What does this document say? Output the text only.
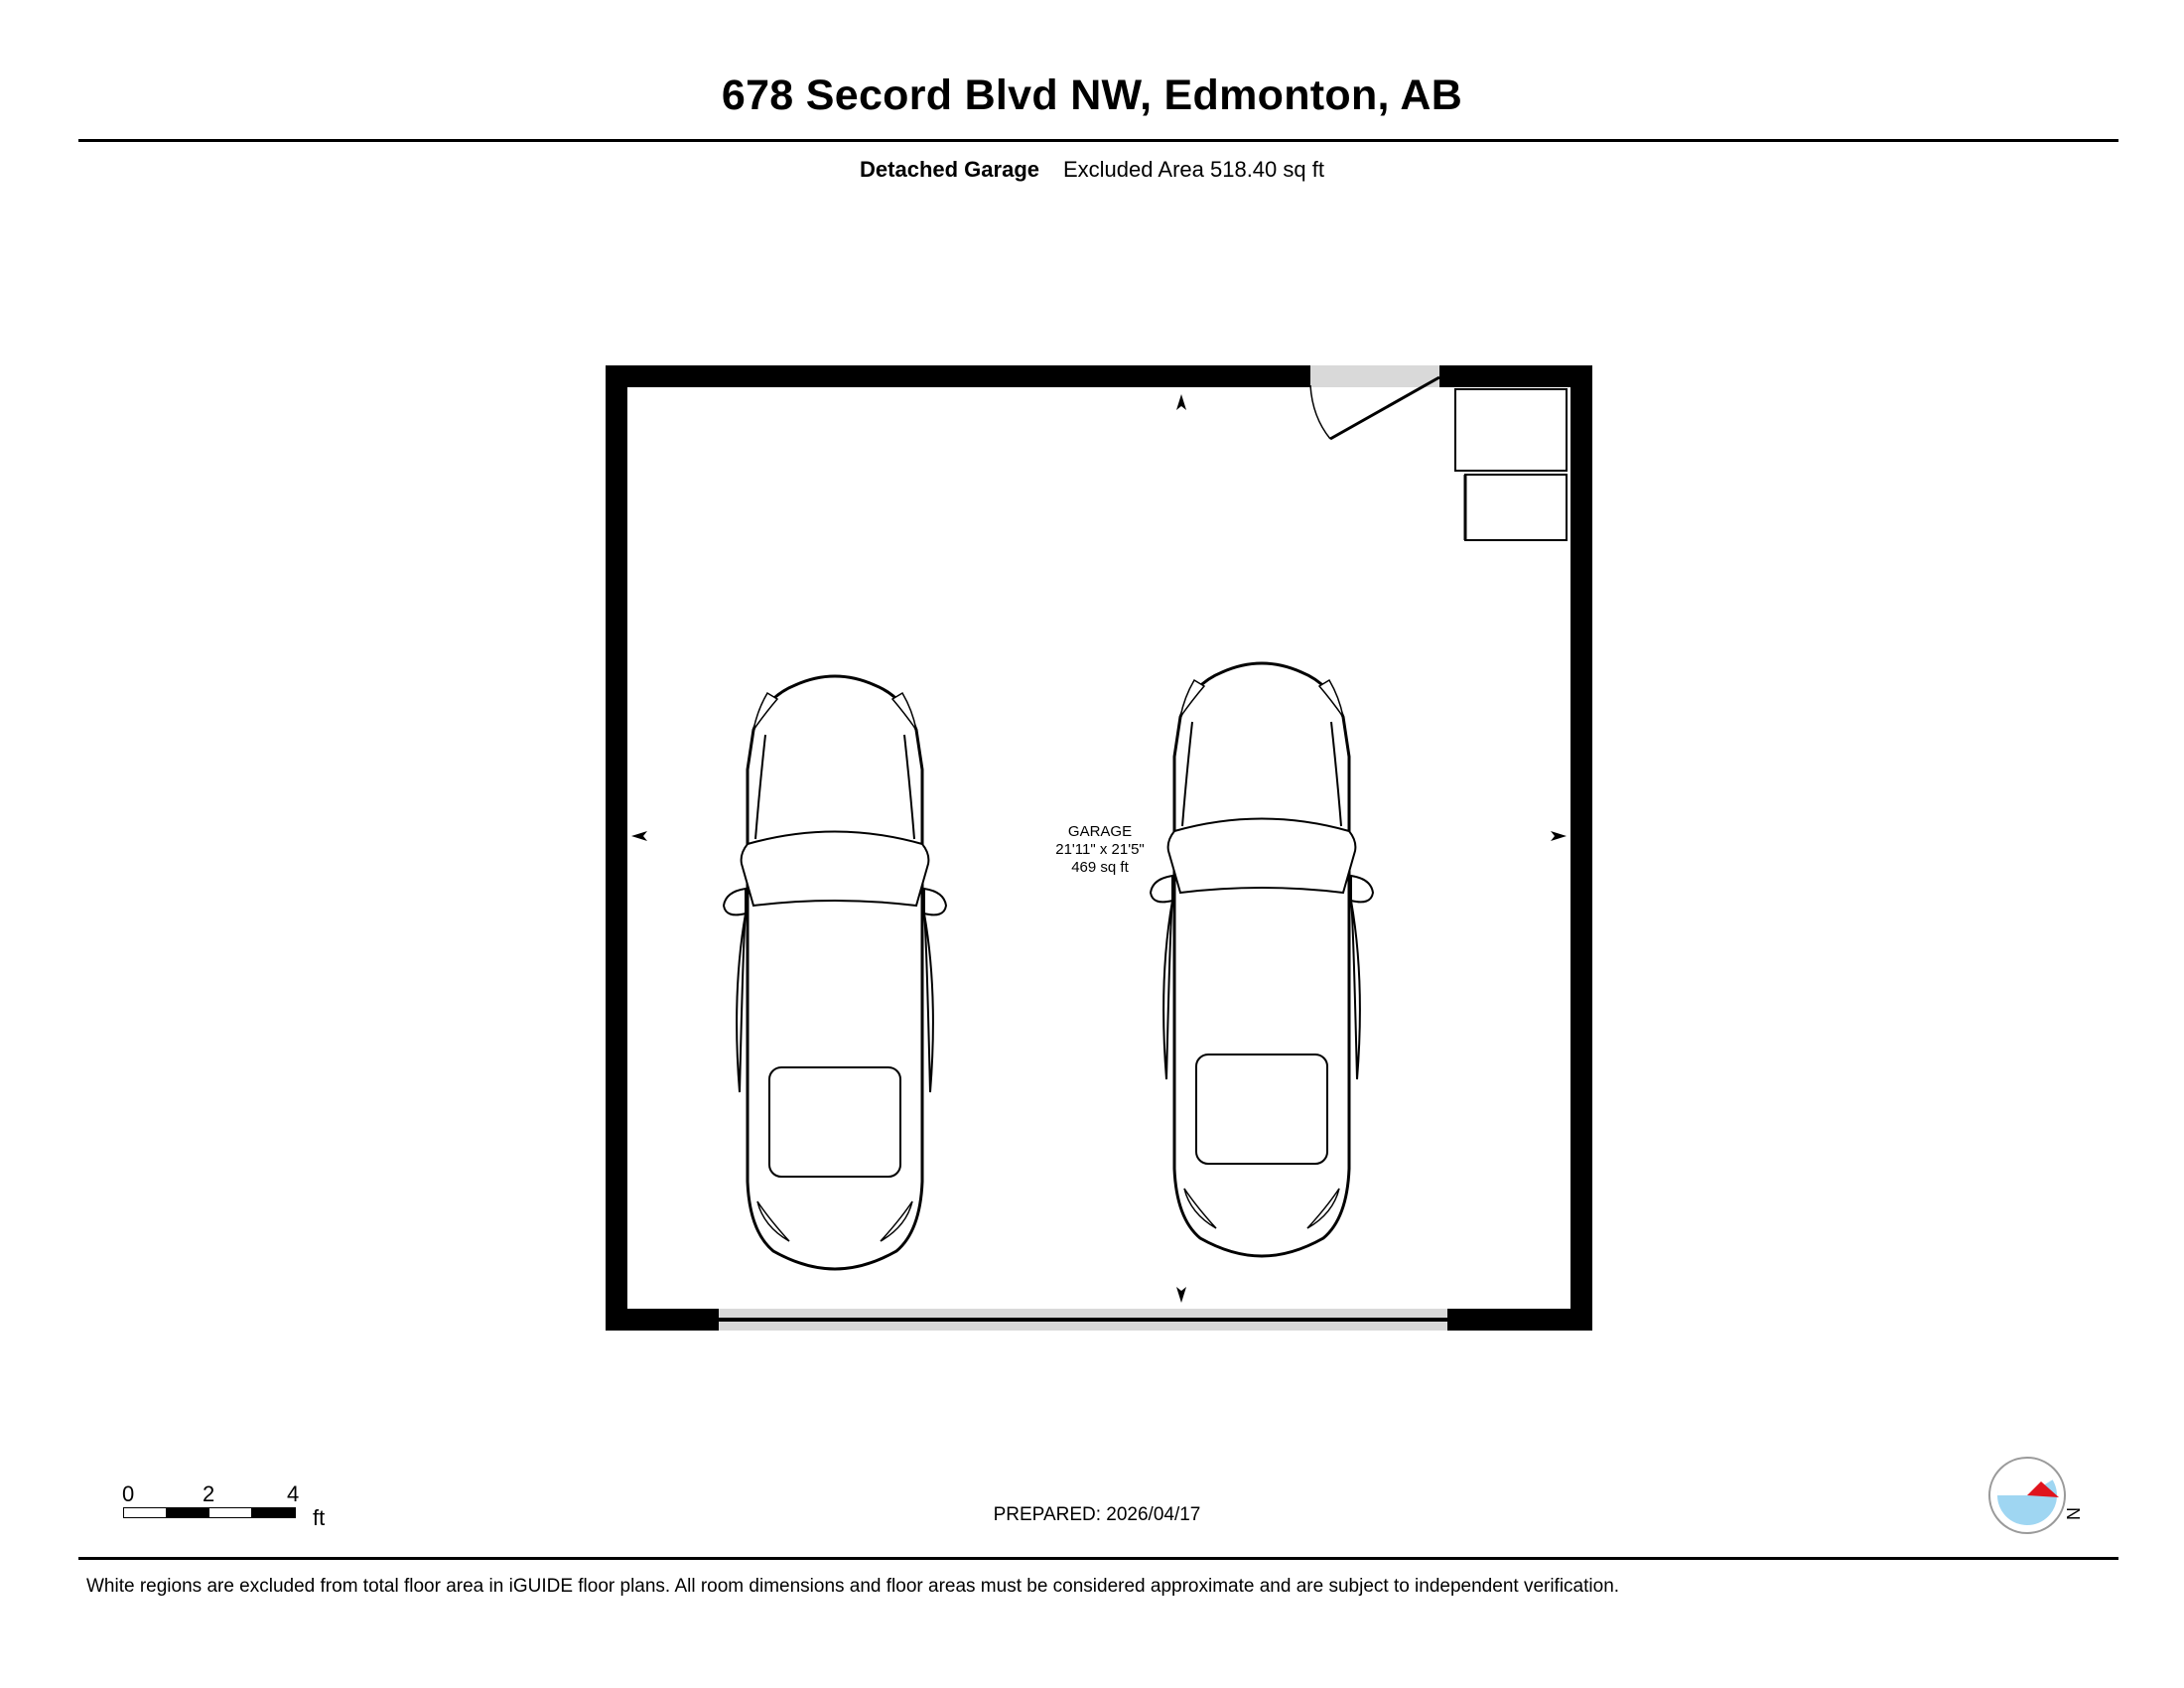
678 Secord Blvd NW, Edmonton, AB
Detached Garage Excluded Area 518.40 sq ft
GARAGE
21'11" x 21'5"
469 sq ft
0	2	4
ft	PREPARED: 2026/04/17	N
White regions are excluded from total floor area in iGUIDE floor plans. All room dimensions and floor areas must be considered approximate and are subject to independent verification.
